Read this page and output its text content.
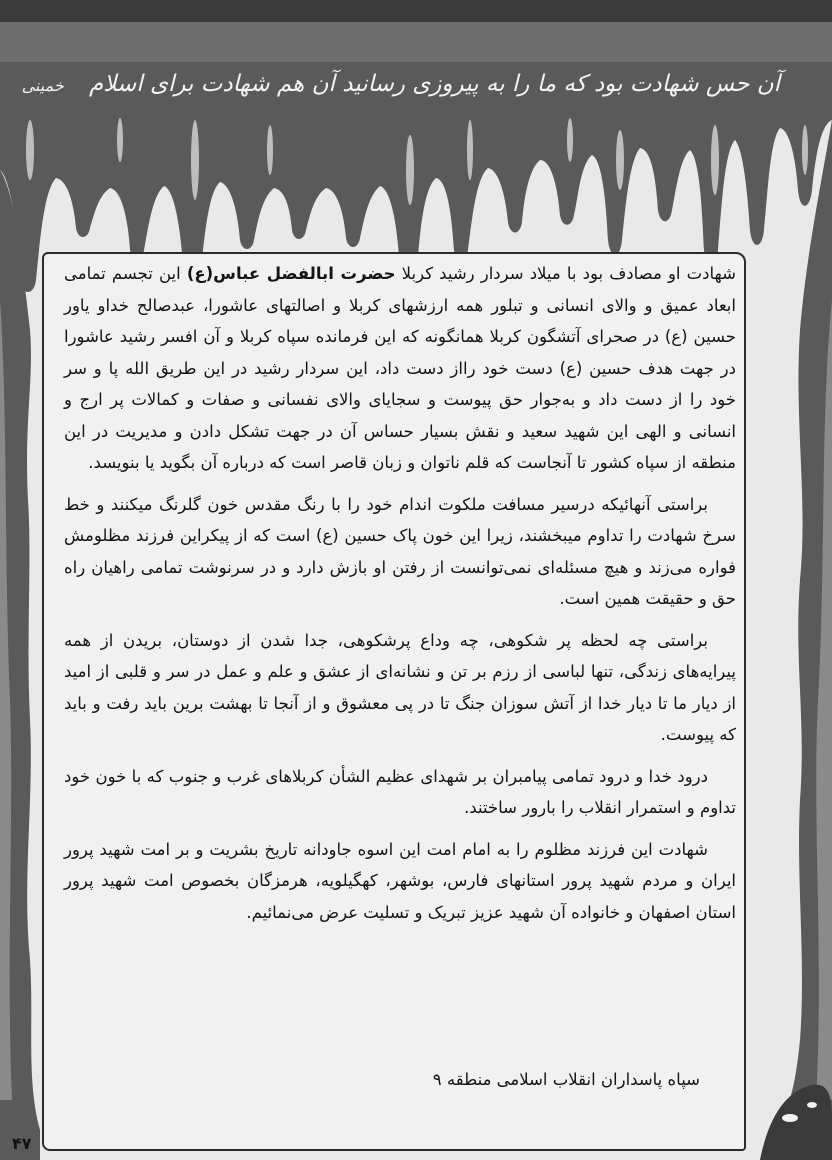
آن حس شهادت بود که ما را به پیروزی رسانید آن هم شهادت برای اسلام خمینی

شهادت او مصادف بود با میلاد سردار رشید کربلا حضرت ابالفضل عباس(ع) این تجسم تمامی ابعاد عمیق و والای انسانی و تبلور همه ارزشهای کربلا و اصالتهای عاشورا، عبدصالح خداو یاور حسین (ع) در صحرای آتشگون کربلا همانگونه که این فرمانده سپاه کربلا و آن افسر رشید عاشورا در جهت هدف حسین (ع) دست خود رااز دست داد، این سردار رشید در این طریق الله پا و سر خود را از دست داد و به‌جوار حق پیوست و سجایای والای نفسانی و صفات و کمالات پر ارج و انسانی و الهی این شهید سعید و نقش بسیار حساس آن در جهت تشکل دادن و مدیریت در این منطقه از سپاه کشور تا آنجاست که قلم ناتوان و زبان قاصر است که درباره آن بگوید یا بنویسد.

براستی آنهائیکه درسیر مسافت ملکوت اندام خود را با رنگ مقدس خون گلرنگ میکنند و خط سرخ شهادت را تداوم میبخشند، زیرا این خون پاک حسین (ع) است که از پیکراین فرزند مظلومش فواره می‌زند و هیچ مسئله‌ای نمی‌توانست از رفتن او بازش دارد و در سرنوشت تمامی راهیان راه حق و حقیقت همین است.

براستی چه لحظه پر شکوهی، چه وداع پرشکوهی، جدا شدن از دوستان، بریدن از همه پیرایه‌های زندگی، تنها لباسی از رزم بر تن و نشانه‌ای از عشق و علم و عمل در سر و قلبی از امید از دیار ما تا دیار خدا از آتش سوزان جنگ تا در پی معشوق و از آنجا تا بهشت برین باید رفت و باید که پیوست.

درود خدا و درود تمامی پیامبران بر شهدای عظیم الشأن کربلاهای غرب و جنوب که با خون خود تداوم و استمرار انقلاب را بارور ساختند.

شهادت این فرزند مظلوم را به امام امت این اسوه جاودانه تاریخ بشریت و بر امت شهید پرور ایران و مردم شهید پرور استانهای فارس، بوشهر، کهگیلویه، هرمزگان بخصوص امت شهید پرور استان اصفهان و خانواده آن شهید عزیز تبریک و تسلیت عرض می‌نمائیم.

سپاه پاسداران انقلاب اسلامی منطقه ۹
۴۷
